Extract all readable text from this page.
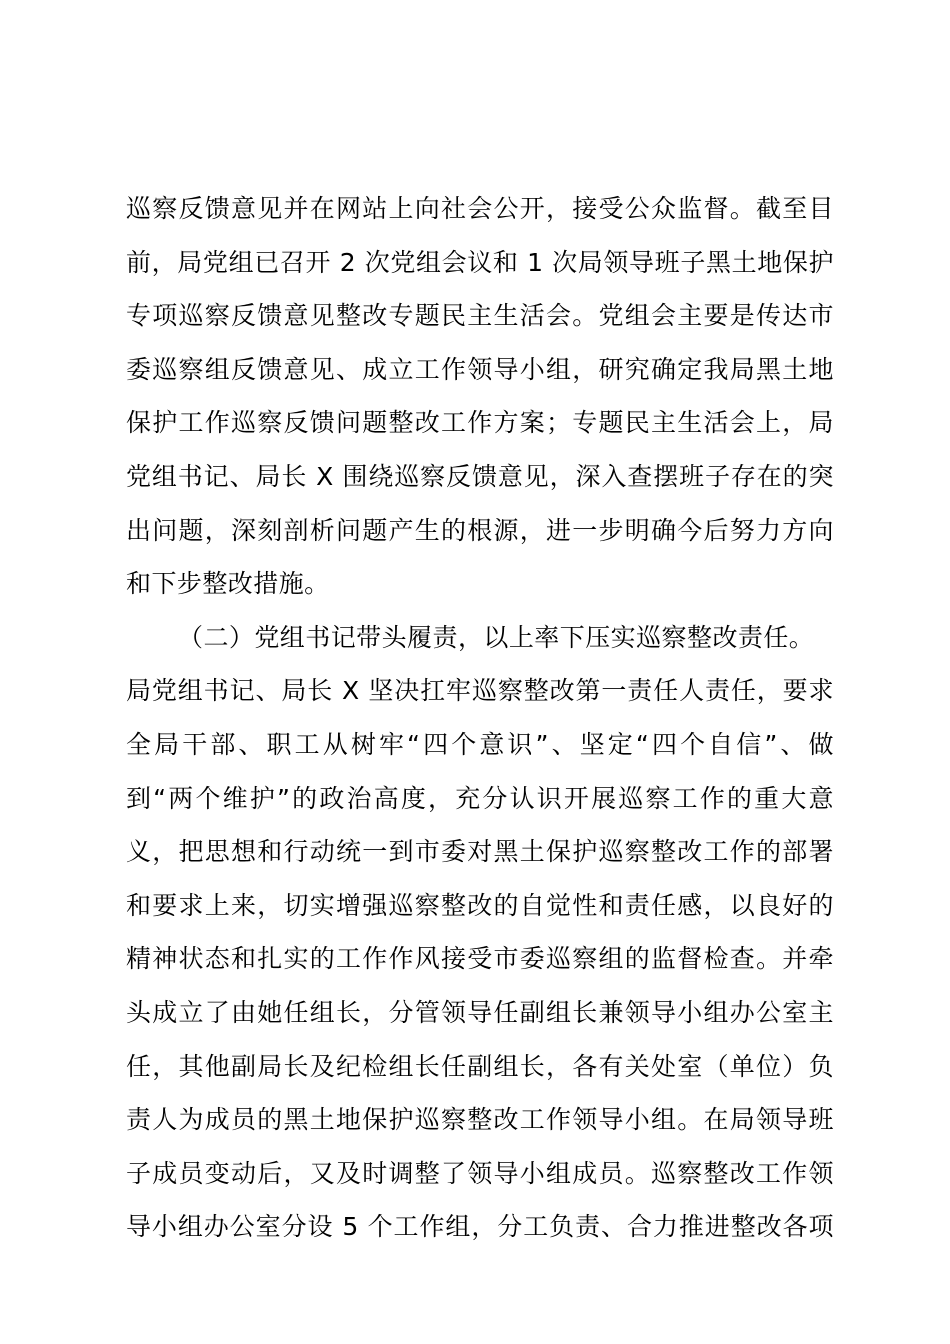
巡察反馈意见并在网站上向社会公开，接受公众监督。截至目
前，局党组已召开 2 次党组会议和 1 次局领导班子黑土地保护
专项巡察反馈意见整改专题民主生活会。党组会主要是传达市
委巡察组反馈意见、成立工作领导小组，研究确定我局黑土地
保护工作巡察反馈问题整改工作方案；专题民主生活会上，局
党组书记、局长 X 围绕巡察反馈意见，深入查摆班子存在的突
出问题，深刻剖析问题产生的根源，进一步明确今后努力方向
和下步整改措施。
（二）党组书记带头履责，以上率下压实巡察整改责任。
局党组书记、局长 X 坚决扛牢巡察整改第一责任人责任，要求
全局干部、职工从树牢“四个意识”、坚定“四个自信”、做
到“两个维护”的政治高度，充分认识开展巡察工作的重大意
义，把思想和行动统一到市委对黑土保护巡察整改工作的部署
和要求上来，切实增强巡察整改的自觉性和责任感，以良好的
精神状态和扎实的工作作风接受市委巡察组的监督检查。并牵
头成立了由她任组长，分管领导任副组长兼领导小组办公室主
任，其他副局长及纪检组长任副组长，各有关处室（单位）负
责人为成员的黑土地保护巡察整改工作领导小组。在局领导班
子成员变动后，又及时调整了领导小组成员。巡察整改工作领
导小组办公室分设 5 个工作组，分工负责、合力推进整改各项
